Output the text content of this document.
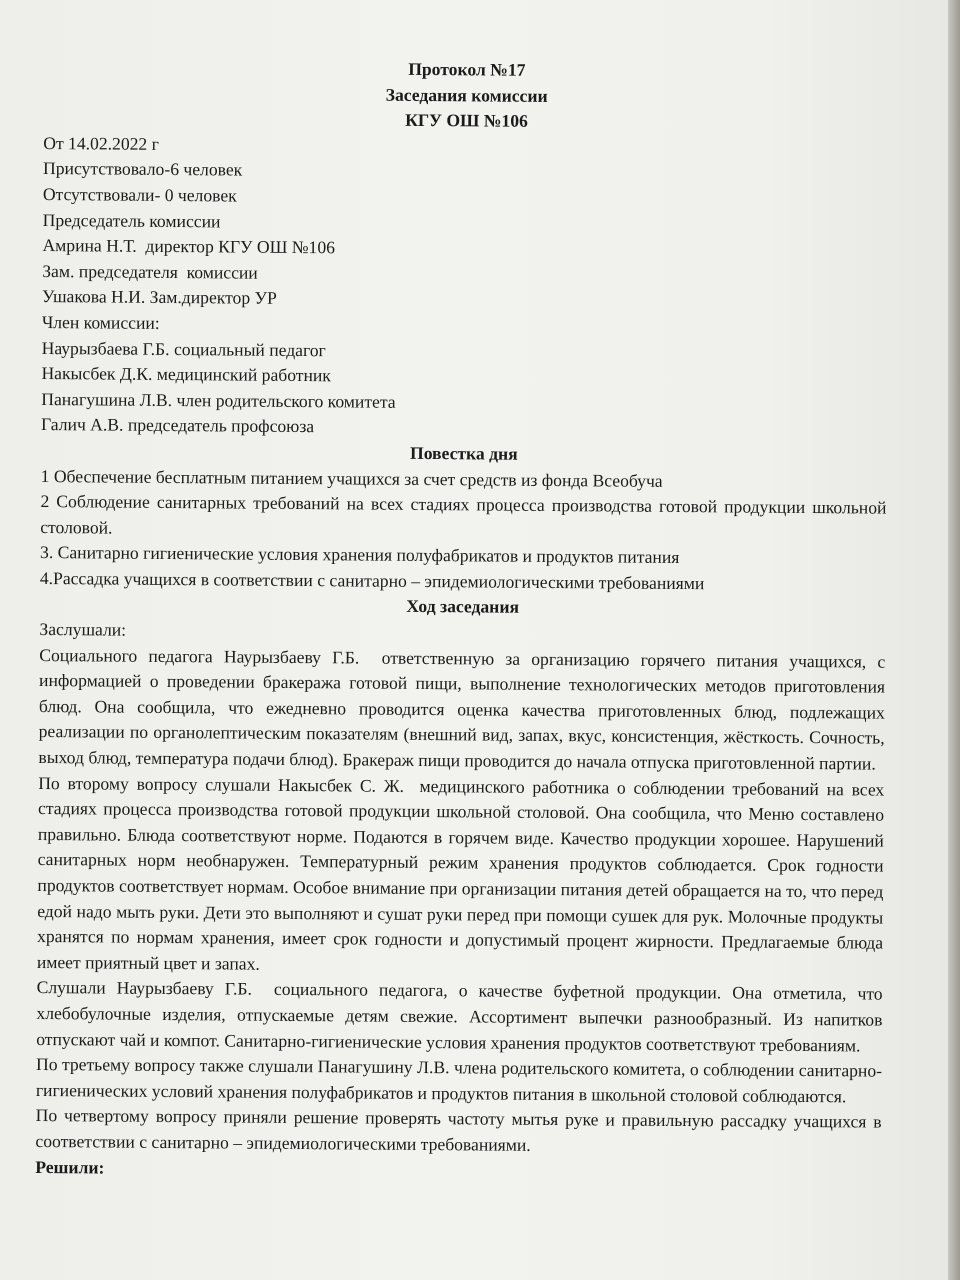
Протокол №17
Заседания комиссии
КГУ ОШ №106
От 14.02.2022 г
Присутствовало-6 человек
Отсутствовали- 0 человек
Председатель комиссии
Амрина Н.Т.  директор КГУ ОШ №106
Зам. председателя  комиссии
Ушакова Н.И. Зам.директор УР
Член комиссии:
Наурызбаева Г.Б. социальный педагог
Накысбек Д.К. медицинский работник
Панагушина Л.В. член родительского комитета
Галич А.В. председатель профсоюза
Повестка дня

1 Обеспечение бесплатным питанием учащихся за счет средств из фонда Всеобуча

2 Соблюдение санитарных требований на всех стадиях процесса производства готовой продукции школьной столовой.

3. Санитарно гигиенические условия хранения полуфабрикатов и продуктов питания

4.Рассадка учащихся в соответствии с санитарно – эпидемиологическими требованиями

Ход заседания
Заслушали:

Социального педагога Наурызбаеву Г.Б.  ответственную за организацию горячего питания учащихся, с информацией о проведении бракеража готовой пищи, выполнение технологических методов приготовления блюд. Она сообщила, что ежедневно проводится оценка качества приготовленных блюд, подлежащих реализации по органолептическим показателям (внешний вид, запах, вкус, консистенция, жёсткость. Сочность, выход блюд, температура подачи блюд). Бракераж пищи проводится до начала отпуска приготовленной партии.

По второму вопросу слушали Накысбек С. Ж.  медицинского работника о соблюдении требований на всех стадиях процесса производства готовой продукции школьной столовой. Она сообщила, что Меню составлено правильно. Блюда соответствуют норме. Подаются в горячем виде. Качество продукции хорошее. Нарушений санитарных норм необнаружен. Температурный режим хранения продуктов соблюдается. Срок годности продуктов соответствует нормам. Особое внимание при организации питания детей обращается на то, что перед едой надо мыть руки. Дети это выполняют и сушат руки перед при помощи сушек для рук. Молочные продукты хранятся по нормам хранения, имеет срок годности и допустимый процент жирности. Предлагаемые блюда имеет приятный цвет и запах.

Слушали Наурызбаеву Г.Б.  социального педагога, о качестве буфетной продукции. Она отметила, что хлебобулочные изделия, отпускаемые детям свежие. Ассортимент выпечки разнообразный. Из напитков отпускают чай и компот. Санитарно-гигиенические условия хранения продуктов соответствуют требованиям.

По третьему вопросу также слушали Панагушину Л.В. члена родительского комитета, о соблюдении санитарно-гигиенических условий хранения полуфабрикатов и продуктов питания в школьной столовой соблюдаются.

По четвертому вопросу приняли решение проверять частоту мытья руке и правильную рассадку учащихся в соответствии с санитарно – эпидемиологическими требованиями.

Решили:
